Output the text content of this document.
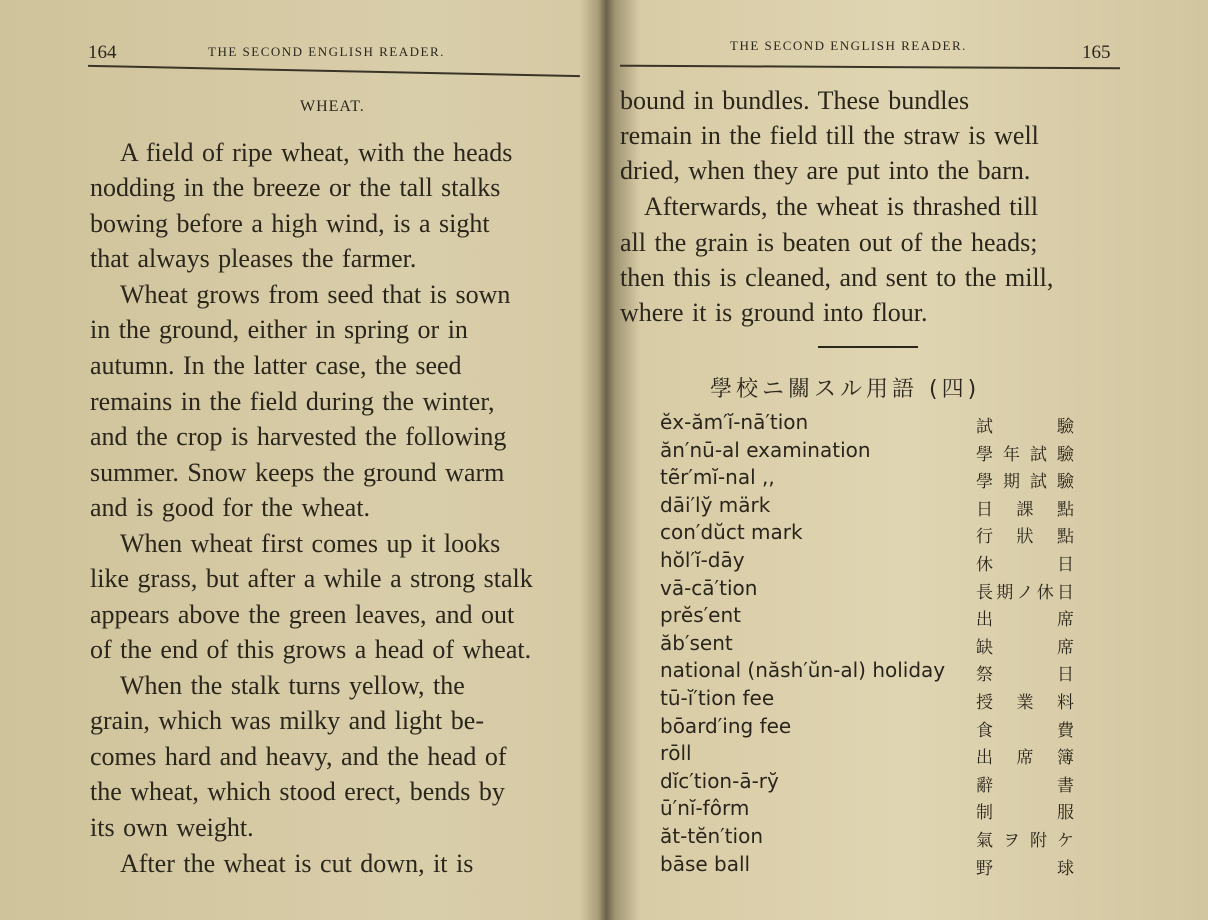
164	THE SECOND ENGLISH READER.
WHEAT.
A field of ripe wheat, with the heads
nodding in the breeze or the tall stalks
bowing before a high wind, is a sight
that always pleases the farmer.
Wheat grows from seed that is sown
in the ground, either in spring or in
autumn. In the latter case, the seed
remains in the field during the winter,
and the crop is harvested the following
summer. Snow keeps the ground warm
and is good for the wheat.
When wheat first comes up it looks
like grass, but after a while a strong stalk
appears above the green leaves, and out
of the end of this grows a head of wheat.
When the stalk turns yellow, the
grain, which was milky and light be-
comes hard and heavy, and the head of
the wheat, which stood erect, bends by
its own weight.
After the wheat is cut down, it is
THE SECOND ENGLISH READER.	165
bound in bundles. These bundles
remain in the field till the straw is well
dried, when they are put into the barn.
Afterwards, the wheat is thrashed till
all the grain is beaten out of the heads;
then this is cleaned, and sent to the mill,
where it is ground into flour.
學校ニ關スル用語 (四)
ĕx-ăm′ĭ-nā′tion	試驗
ăn′nū-al examination	學年試驗
tẽr′mĭ-nal ,,	學期試驗
dāi′ly̆ märk	日課點
con′dŭct mark	行狀點
hŏl′ĭ-dāy	休日
vā-cā′tion	長期ノ休日
prĕs′ent	出席
ăb′sent	缺席
national (năsh′ŭn-al) holiday 祭日
tū-ĭ′tion fee	授業料
bōard′ing fee	食費
rōll	出席簿
dĭc′tion-ā-ry̆	辭書
ū′nĭ-fôrm	制服
ăt-tĕn′tion	氣ヲ附ケ
bāse ball	野球
